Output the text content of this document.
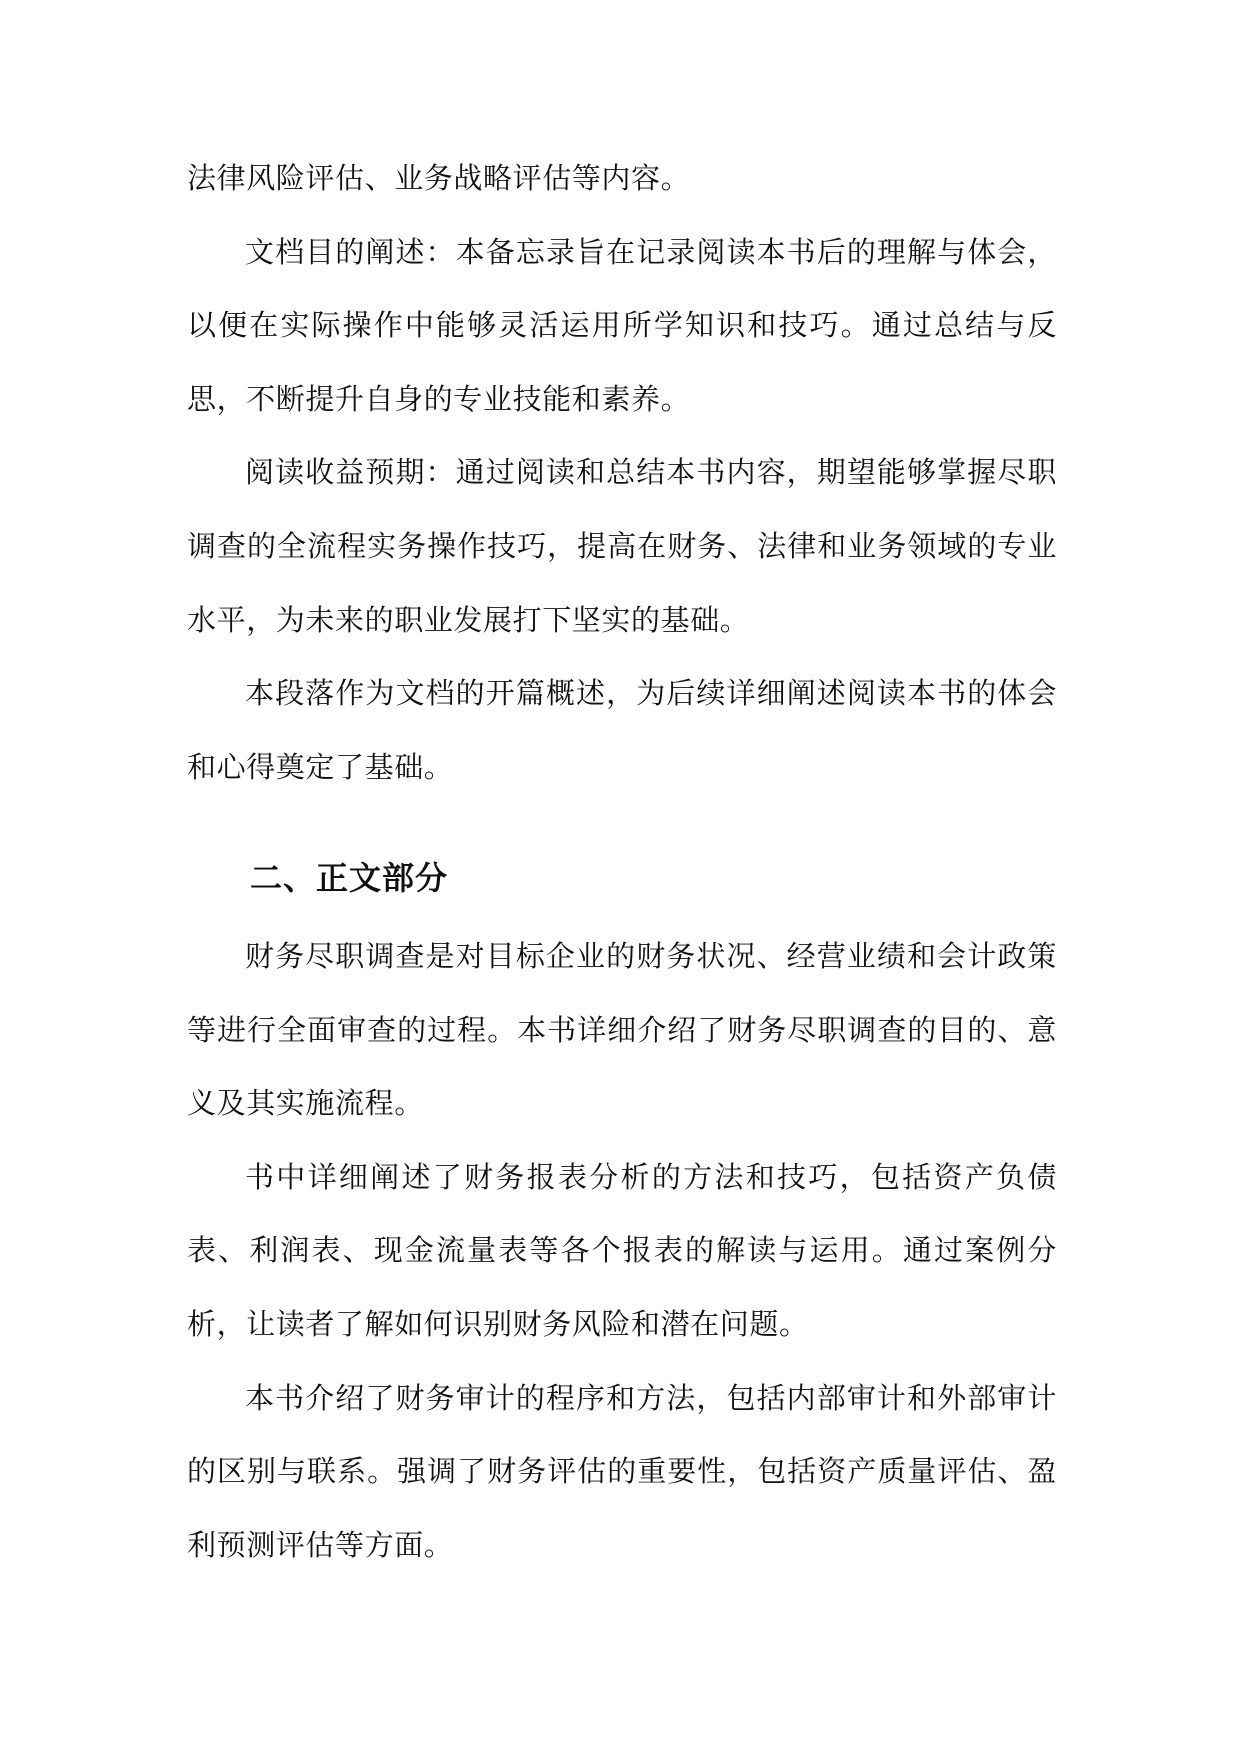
法律风险评估、业务战略评估等内容。

文档目的阐述：本备忘录旨在记录阅读本书后的理解与体会，以便在实际操作中能够灵活运用所学知识和技巧。通过总结与反思，不断提升自身的专业技能和素养。

阅读收益预期：通过阅读和总结本书内容，期望能够掌握尽职调查的全流程实务操作技巧，提高在财务、法律和业务领域的专业水平，为未来的职业发展打下坚实的基础。

本段落作为文档的开篇概述，为后续详细阐述阅读本书的体会和心得奠定了基础。

二、正文部分

财务尽职调查是对目标企业的财务状况、经营业绩和会计政策等进行全面审查的过程。本书详细介绍了财务尽职调查的目的、意义及其实施流程。

书中详细阐述了财务报表分析的方法和技巧，包括资产负债表、利润表、现金流量表等各个报表的解读与运用。通过案例分析，让读者了解如何识别财务风险和潜在问题。

本书介绍了财务审计的程序和方法，包括内部审计和外部审计的区别与联系。强调了财务评估的重要性，包括资产质量评估、盈利预测评估等方面。
